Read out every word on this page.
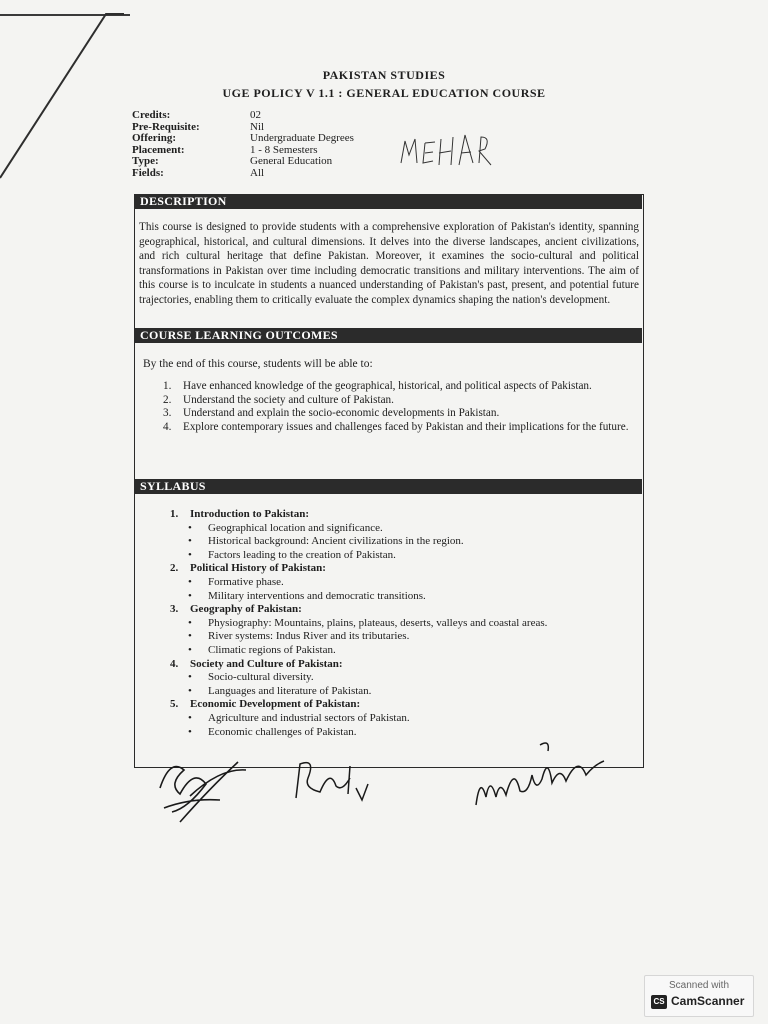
PAKISTAN STUDIES
UGE POLICY V 1.1 : GENERAL EDUCATION COURSE
Credits:	02
Pre-Requisite:	Nil
Offering:	Undergraduate Degrees
Placement:	1 - 8 Semesters
Type:	General Education
Fields:	All
DESCRIPTION
This course is designed to provide students with a comprehensive exploration of Pakistan's identity, spanning geographical, historical, and cultural dimensions. It delves into the diverse landscapes, ancient civilizations, and rich cultural heritage that define Pakistan. Moreover, it examines the socio-cultural and political transformations in Pakistan over time including democratic transitions and military interventions. The aim of this course is to inculcate in students a nuanced understanding of Pakistan's past, present, and potential future trajectories, enabling them to critically evaluate the complex dynamics shaping the nation's development.
COURSE LEARNING OUTCOMES
By the end of this course, students will be able to:
1.	Have enhanced knowledge of the geographical, historical, and political aspects of Pakistan.
2.	Understand the society and culture of Pakistan.
3.	Understand and explain the socio-economic developments in Pakistan.
4.	Explore contemporary issues and challenges faced by Pakistan and their implications for the future.
SYLLABUS
1.	Introduction to Pakistan:
•	Geographical location and significance.
•	Historical background: Ancient civilizations in the region.
•	Factors leading to the creation of Pakistan.
2.	Political History of Pakistan:
•	Formative phase.
•	Military interventions and democratic transitions.
3.	Geography of Pakistan:
•	Physiography: Mountains, plains, plateaus, deserts, valleys and coastal areas.
•	River systems: Indus River and its tributaries.
•	Climatic regions of Pakistan.
4.	Society and Culture of Pakistan:
•	Socio-cultural diversity.
•	Languages and literature of Pakistan.
5.	Economic Development of Pakistan:
•	Agriculture and industrial sectors of Pakistan.
•	Economic challenges of Pakistan.
Scanned with
CS CamScanner
